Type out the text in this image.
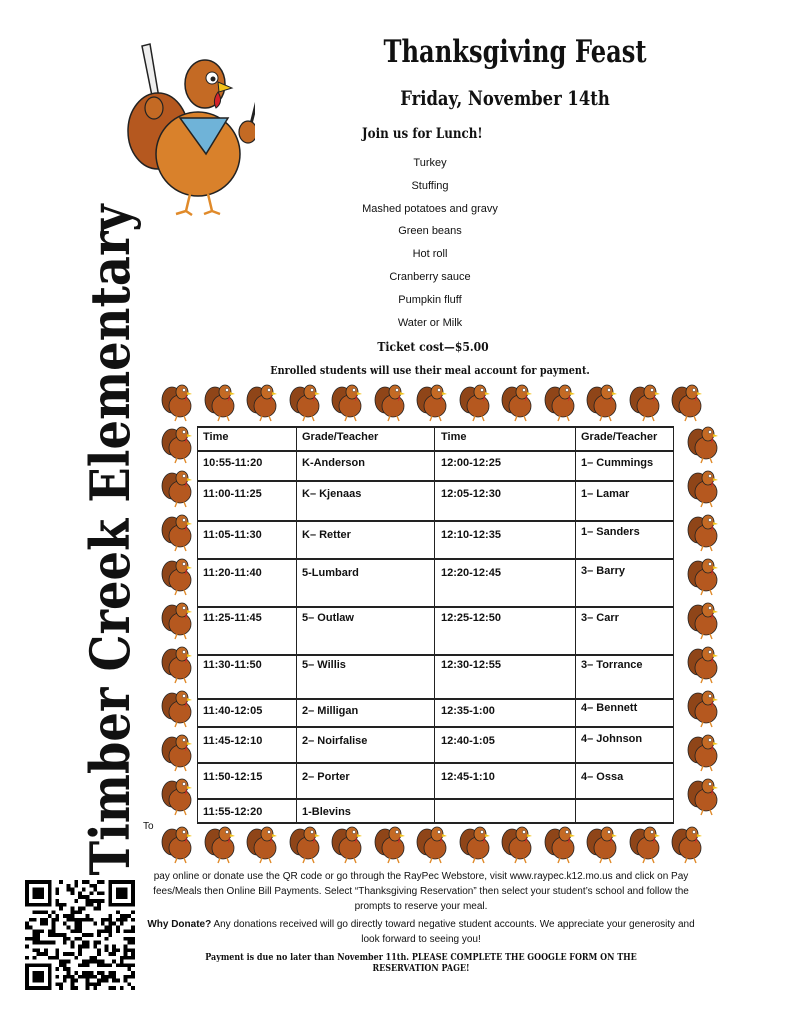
Timber Creek Elementary
Thanksgiving Feast
Friday, November 14th
Join us for Lunch!
Turkey
Stuffing
Mashed potatoes and gravy
Green beans
Hot roll
Cranberry sauce
Pumpkin fluff
Water or Milk
Ticket cost—$5.00
Enrolled students will use their meal account for payment.
Time	Grade/Teacher	Time	Grade/Teacher
10:55-11:20	K-Anderson	12:00-12:25	1– Cummings
11:00-11:25	K– Kjenaas	12:05-12:30	1– Lamar
11:05-11:30	K– Retter	12:10-12:35	1– Sanders
11:20-11:40	5-Lumbard	12:20-12:45	3– Barry
11:25-11:45	5– Outlaw	12:25-12:50	3– Carr
11:30-11:50	5– Willis	12:30-12:55	3– Torrance
11:40-12:05	2– Milligan	12:35-1:00	4– Bennett
11:45-12:10	2– Noirfalise	12:40-1:05	4– Johnson
11:50-12:15	2– Porter	12:45-1:10	4– Ossa
11:55-12:20	1-Blevins
To
pay online or donate use the QR code or go through the RayPec Webstore, visit www.raypec.k12.mo.us and click on Pay fees/Meals then Online Bill Payments. Select “Thanksgiving Reservation” then select your student’s school and follow the prompts to reserve your meal.
Why Donate? Any donations received will go directly toward negative student accounts. We appreciate your generosity and look forward to seeing you!
Payment is due no later than November 11th. PLEASE COMPLETE THE GOOGLE FORM ON THE RESERVATION PAGE!
